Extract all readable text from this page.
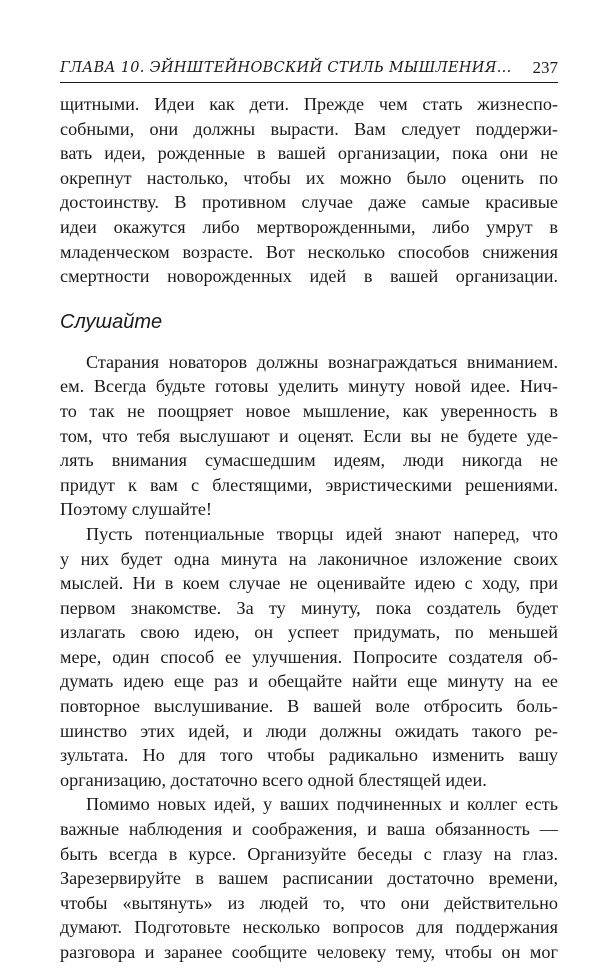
ГЛАВА 10. ЭЙНШТЕЙНОВСКИЙ СТИЛЬ МЫШЛЕНИЯ... 237
щитными. Идеи как дети. Прежде чем стать жизнеспо-
собными, они должны вырасти. Вам следует поддержи-
вать идеи, рожденные в вашей организации, пока они не
окрепнут настолько, чтобы их можно было оценить по
достоинству. В противном случае даже самые красивые
идеи окажутся либо мертворожденными, либо умрут в
младенческом возрасте. Вот несколько способов снижения
смертности новорожденных идей в вашей организации.
Слушайте
Старания новаторов должны вознаграждаться вниманием.
ем. Всегда будьте готовы уделить минуту новой идее. Нич-
то так не поощряет новое мышление, как уверенность в
том, что тебя выслушают и оценят. Если вы не будете уде-
лять внимания сумасшедшим идеям, люди никогда не
придут к вам с блестящими, эвристическими решениями.
Поэтому слушайте!
Пусть потенциальные творцы идей знают наперед, что
у них будет одна минута на лаконичное изложение своих
мыслей. Ни в коем случае не оценивайте идею с ходу, при
первом знакомстве. За ту минуту, пока создатель будет
излагать свою идею, он успеет придумать, по меньшей
мере, один способ ее улучшения. Попросите создателя об-
думать идею еще раз и обещайте найти еще минуту на ее
повторное выслушивание. В вашей воле отбросить боль-
шинство этих идей, и люди должны ожидать такого ре-
зультата. Но для того чтобы радикально изменить вашу
организацию, достаточно всего одной блестящей идеи.
Помимо новых идей, у ваших подчиненных и коллег есть
важные наблюдения и соображения, и ваша обязанность —
быть всегда в курсе. Организуйте беседы с глазу на глаз.
Зарезервируйте в вашем расписании достаточно времени,
чтобы «вытянуть» из людей то, что они действительно
думают. Подготовьте несколько вопросов для поддержания
разговора и заранее сообщите человеку тему, чтобы он мог
